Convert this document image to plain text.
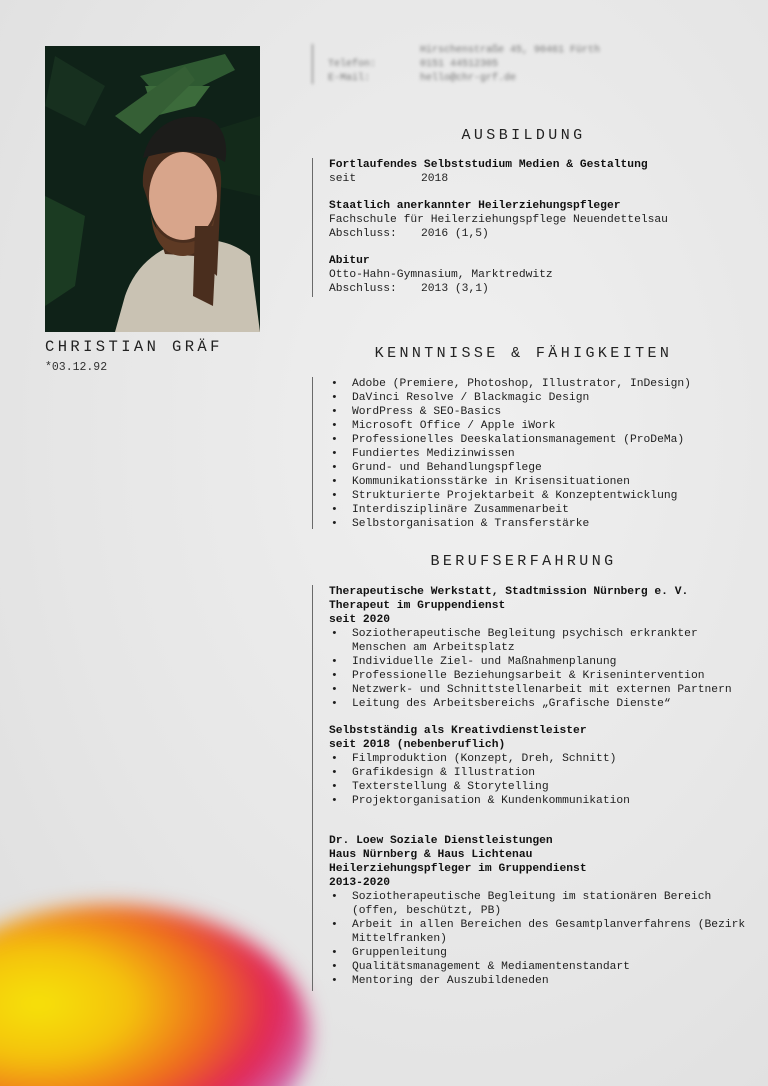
CHRISTIAN GRÄF
*03.12.92
Hirschenstraße 45, 90461 Fürth
Telefon:	0151 44512305
E-Mail:	hello@chr-grf.de
AUSBILDUNG
Fortlaufendes Selbststudium Medien & Gestaltung
seit	2018
Staatlich anerkannter Heilerziehungspfleger
Fachschule für Heilerziehungspflege Neuendettelsau
Abschluss: 2016 (1,5)
Abitur
Otto-Hahn-Gymnasium, Marktredwitz
Abschluss: 2013 (3,1)
KENNTNISSE & FÄHIGKEITEN
• Adobe (Premiere, Photoshop, Illustrator, InDesign)
• DaVinci Resolve / Blackmagic Design
• WordPress & SEO-Basics
• Microsoft Office / Apple iWork
• Professionelles Deeskalationsmanagement (ProDeMa)
• Fundiertes Medizinwissen
• Grund- und Behandlungspflege
• Kommunikationsstärke in Krisensituationen
• Strukturierte Projektarbeit & Konzeptentwicklung
• Interdisziplinäre Zusammenarbeit
• Selbstorganisation & Transferstärke
BERUFSERFAHRUNG
Therapeutische Werkstatt, Stadtmission Nürnberg e. V.
Therapeut im Gruppendienst
seit 2020
• Soziotherapeutische Begleitung psychisch erkrankter Menschen am Arbeitsplatz
• Individuelle Ziel- und Maßnahmenplanung
• Professionelle Beziehungsarbeit & Krisenintervention
• Netzwerk- und Schnittstellenarbeit mit externen Partnern
• Leitung des Arbeitsbereichs „Grafische Dienste“
Selbstständig als Kreativdienstleister
seit 2018 (nebenberuflich)
• Filmproduktion (Konzept, Dreh, Schnitt)
• Grafikdesign & Illustration
• Texterstellung & Storytelling
• Projektorganisation & Kundenkommunikation
Dr. Loew Soziale Dienstleistungen
Haus Nürnberg & Haus Lichtenau
Heilerziehungspfleger im Gruppendienst
2013-2020
• Soziotherapeutische Begleitung im stationären Bereich (offen, beschützt, PB)
• Arbeit in allen Bereichen des Gesamtplanverfahrens (Bezirk Mittelfranken)
• Gruppenleitung
• Qualitätsmanagement & Mediamentenstandart
• Mentoring der Auszubildeneden
